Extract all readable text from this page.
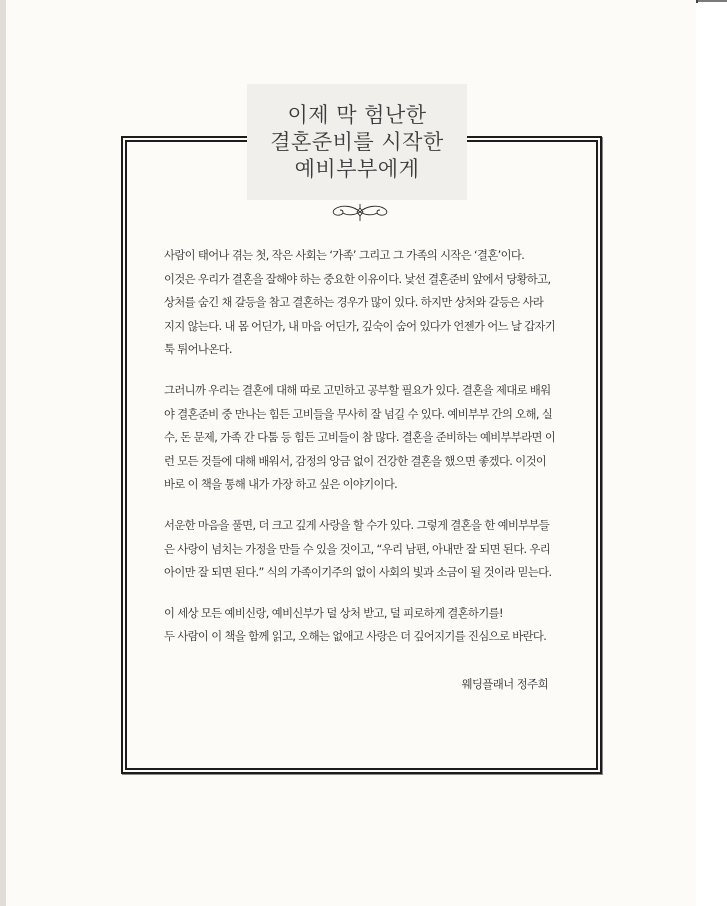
이제 막 험난한
결혼준비를 시작한
예비부부에게
사람이 태어나 겪는 첫, 작은 사회는 ‘가족’ 그리고 그 가족의 시작은 ‘결혼’이다.
이것은 우리가 결혼을 잘해야 하는 중요한 이유이다. 낯선 결혼준비 앞에서 당황하고,
상처를 숨긴 채 갈등을 참고 결혼하는 경우가 많이 있다. 하지만 상처와 갈등은 사라
지지 않는다. 내 몸 어딘가, 내 마음 어딘가, 깊숙이 숨어 있다가 언젠가 어느 날 갑자기
툭 튀어나온다.
그러니까 우리는 결혼에 대해 따로 고민하고 공부할 필요가 있다. 결혼을 제대로 배워
야 결혼준비 중 만나는 힘든 고비들을 무사히 잘 넘길 수 있다. 예비부부 간의 오해, 실
수, 돈 문제, 가족 간 다툼 등 힘든 고비들이 참 많다. 결혼을 준비하는 예비부부라면 이
런 모든 것들에 대해 배워서, 감정의 앙금 없이 건강한 결혼을 했으면 좋겠다. 이것이
바로 이 책을 통해 내가 가장 하고 싶은 이야기이다.
서운한 마음을 풀면, 더 크고 깊게 사랑을 할 수가 있다. 그렇게 결혼을 한 예비부부들
은 사랑이 넘치는 가정을 만들 수 있을 것이고, “우리 남편, 아내만 잘 되면 된다. 우리
아이만 잘 되면 된다.” 식의 가족이기주의 없이 사회의 빛과 소금이 될 것이라 믿는다.
이 세상 모든 예비신랑, 예비신부가 덜 상처 받고, 덜 피로하게 결혼하기를!
두 사람이 이 책을 함께 읽고, 오해는 없애고 사랑은 더 깊어지기를 진심으로 바란다.
웨딩플래너 정주희
